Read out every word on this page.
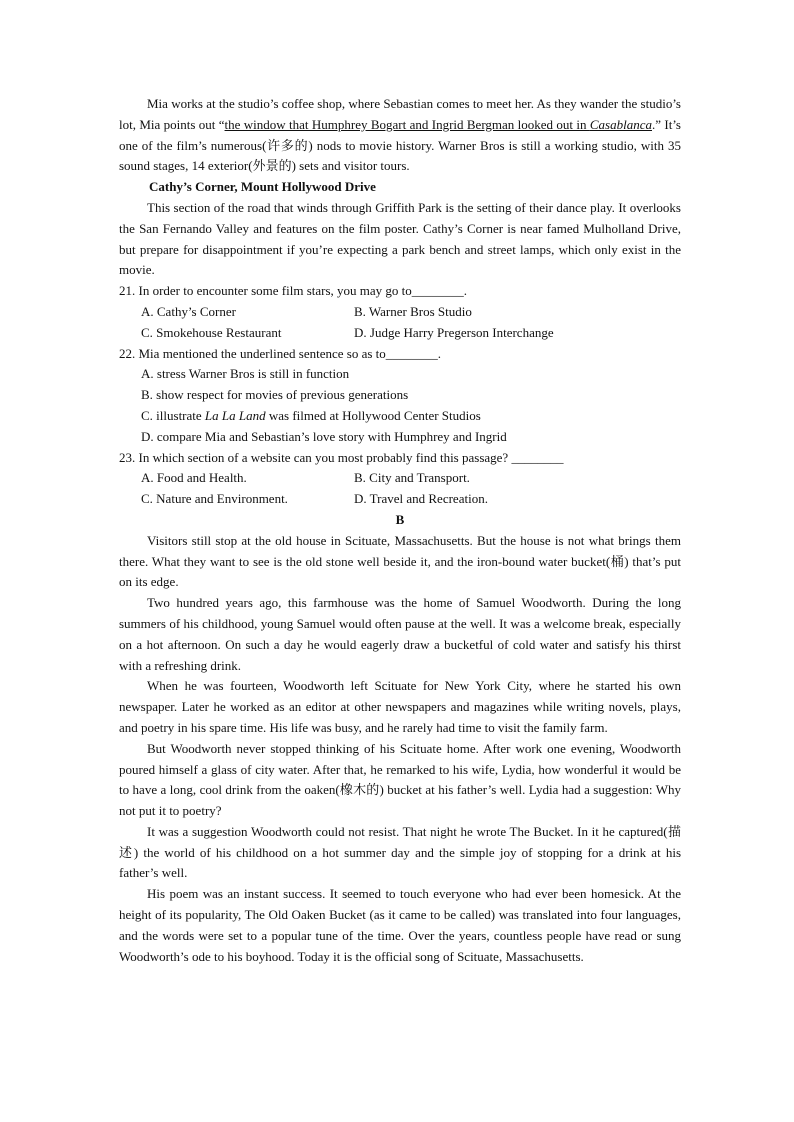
Mia works at the studio’s coffee shop, where Sebastian comes to meet her. As they wander the studio’s lot, Mia points out “the window that Humphrey Bogart and Ingrid Bergman looked out in Casablanca.” It’s one of the film’s numerous(许多的) nods to movie history. Warner Bros is still a working studio, with 35 sound stages, 14 exterior(外景的) sets and visitor tours.

Cathy’s Corner, Mount Hollywood Drive

This section of the road that winds through Griffith Park is the setting of their dance play. It overlooks the San Fernando Valley and features on the film poster. Cathy’s Corner is near famed Mulholland Drive, but prepare for disappointment if you’re expecting a park bench and street lamps, which only exist in the movie.

21. In order to encounter some film stars, you may go to________.

A. Cathy’s Corner	B. Warner Bros Studio
C. Smokehouse Restaurant	D. Judge Harry Pregerson Interchange

22. Mia mentioned the underlined sentence so as to________.

A. stress Warner Bros is still in function

B. show respect for movies of previous generations

C. illustrate La La Land was filmed at Hollywood Center Studios

D. compare Mia and Sebastian’s love story with Humphrey and Ingrid

23. In which section of a website can you most probably find this passage? ________

A. Food and Health.	B. City and Transport.
C. Nature and Environment.	D. Travel and Recreation.

B

Visitors still stop at the old house in Scituate, Massachusetts. But the house is not what brings them there. What they want to see is the old stone well beside it, and the iron-bound water bucket(桶) that’s put on its edge.

Two hundred years ago, this farmhouse was the home of Samuel Woodworth. During the long summers of his childhood, young Samuel would often pause at the well. It was a welcome break, especially on a hot afternoon. On such a day he would eagerly draw a bucketful of cold water and satisfy his thirst with a refreshing drink.

When he was fourteen, Woodworth left Scituate for New York City, where he started his own newspaper. Later he worked as an editor at other newspapers and magazines while writing novels, plays, and poetry in his spare time. His life was busy, and he rarely had time to visit the family farm.

But Woodworth never stopped thinking of his Scituate home. After work one evening, Woodworth poured himself a glass of city water. After that, he remarked to his wife, Lydia, how wonderful it would be to have a long, cool drink from the oaken(橡木的) bucket at his father’s well. Lydia had a suggestion: Why not put it to poetry?

It was a suggestion Woodworth could not resist. That night he wrote The Bucket. In it he captured(描述) the world of his childhood on a hot summer day and the simple joy of stopping for a drink at his father’s well.

His poem was an instant success. It seemed to touch everyone who had ever been homesick. At the height of its popularity, The Old Oaken Bucket (as it came to be called) was translated into four languages, and the words were set to a popular tune of the time. Over the years, countless people have read or sung Woodworth’s ode to his boyhood. Today it is the official song of Scituate, Massachusetts.
